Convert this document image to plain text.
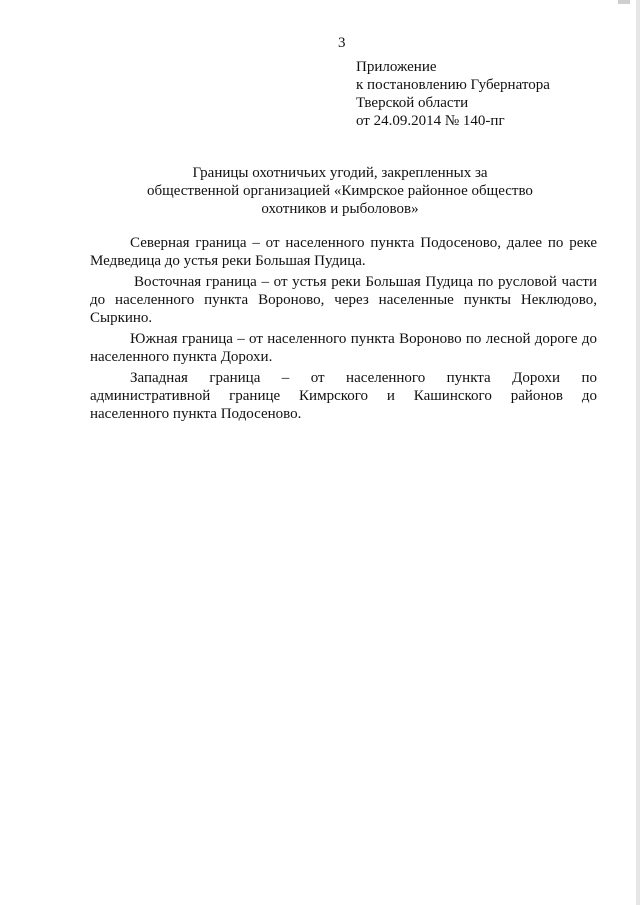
3
Приложение
к постановлению Губернатора
Тверской области
от 24.09.2014 № 140-пг
Границы охотничьих угодий, закрепленных за
общественной организацией «Кимрское районное общество
охотников и рыболовов»
Северная граница – от населенного пункта Подосеново, далее по реке
Медведица до устья реки Большая Пудица.
Восточная граница – от устья реки Большая Пудица по русловой части
до населенного пункта Вороново, через населенные пункты Неклюдово,
Сыркино.
Южная граница – от населенного пункта Вороново по лесной дороге до
населенного пункта Дорохи.
Западная граница – от населенного пункта Дорохи по
административной границе Кимрского и Кашинского районов до
населенного пункта Подосеново.
